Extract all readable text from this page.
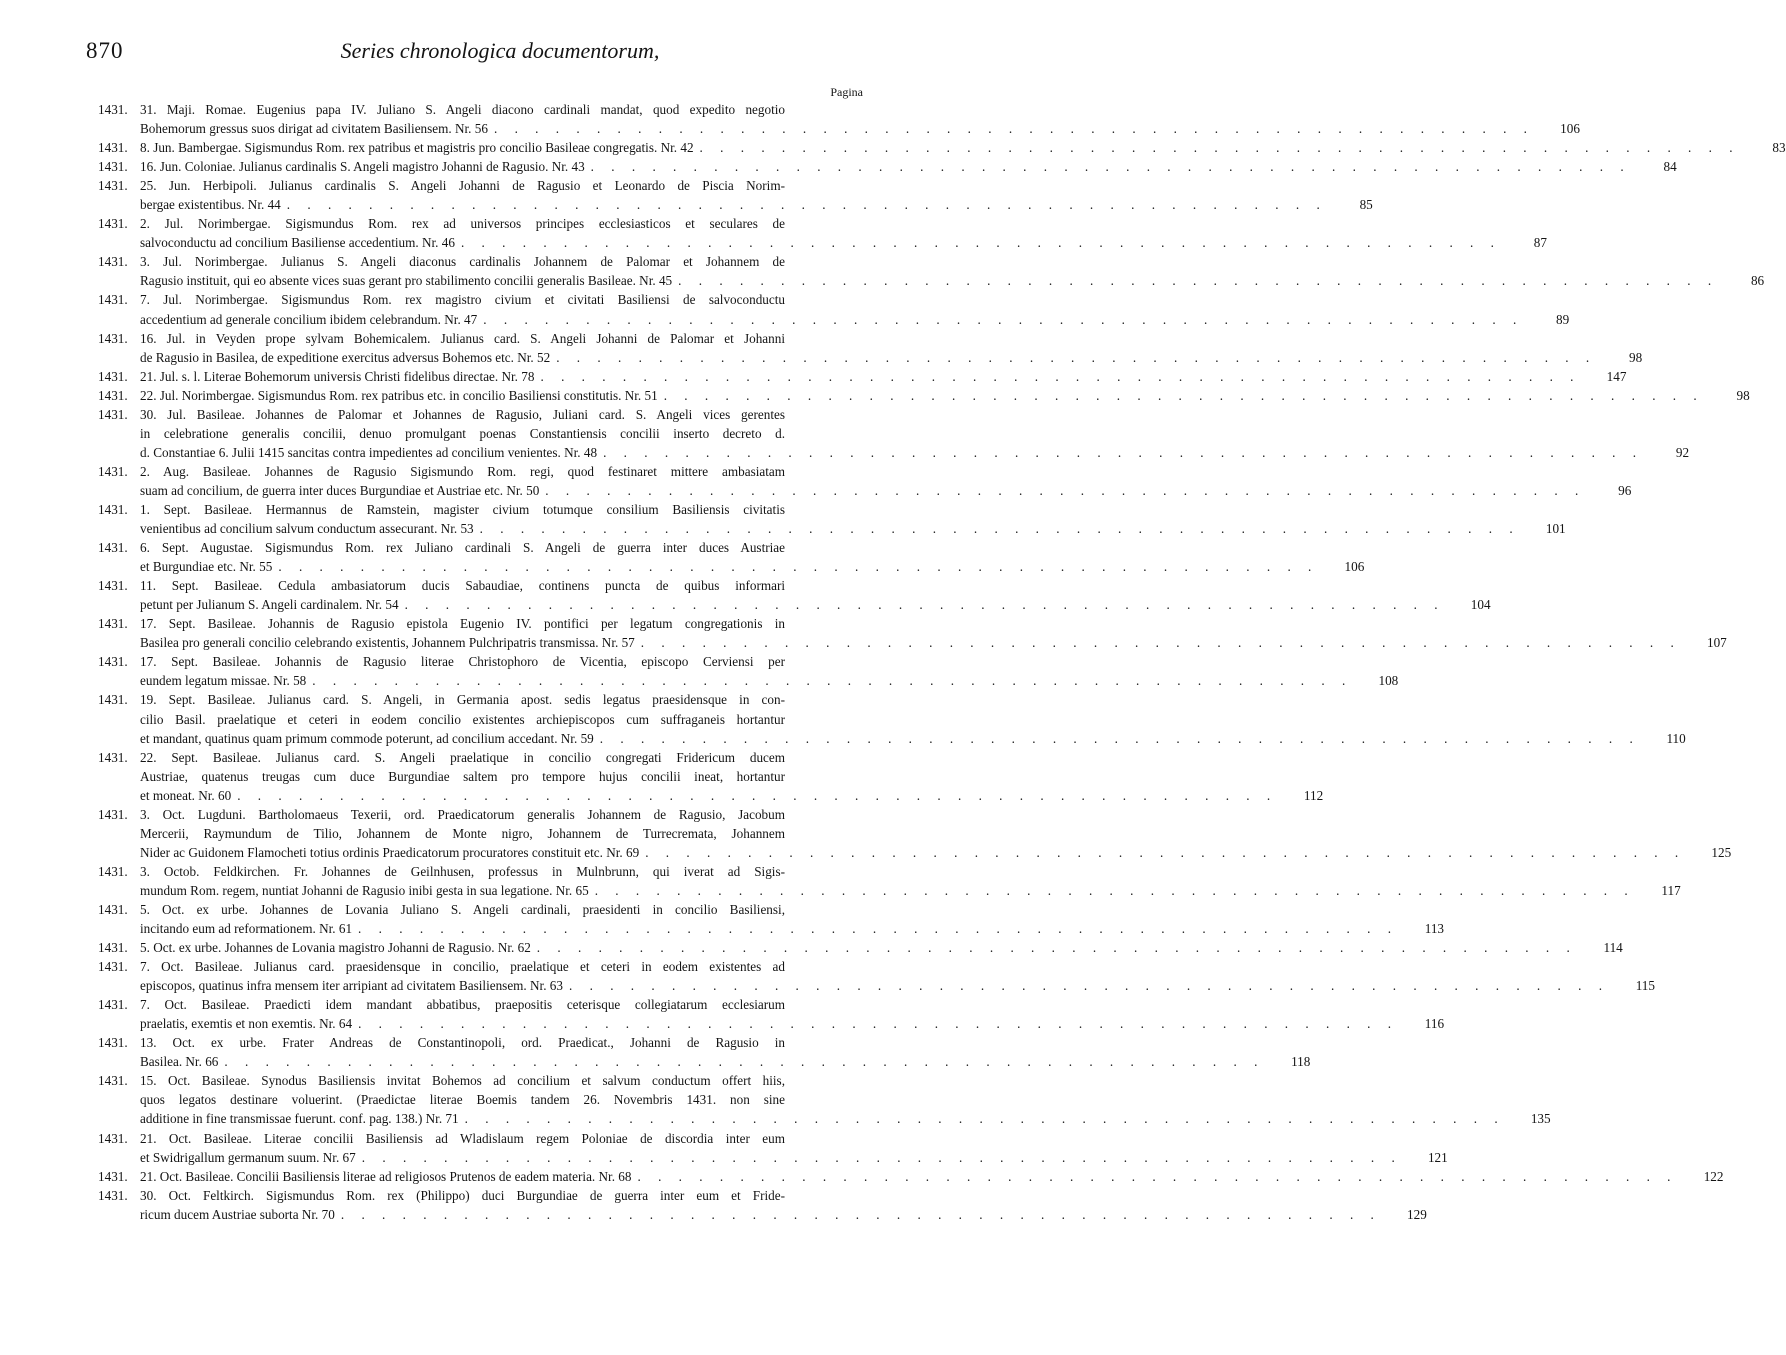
870	Series chronologica documentorum,
Pagina
1431. 31. Maji. Romae. Eugenius papa IV. Juliano S. Angeli diacono cardinali mandat, quod expedito negotio
Bohemorum gressus suos dirigat ad civitatem Basiliensem. Nr. 56 . . . . . . . . . . . . . . . . . . . . . . . . . . . . . . . . . . . . . . . . . . . . . . . . . . .	106
1431. 8. Jun. Bambergae. Sigismundus Rom. rex patribus et magistris pro concilio Basileae congregatis. Nr. 42 . . . . . . . . . . . . . . . . . . . . . . . . . . . . . . . . . . . . . . . . . . . . . . . . . . .	83
1431. 16. Jun. Coloniae. Julianus cardinalis S. Angeli magistro Johanni de Ragusio. Nr. 43 . . . . . . . . . . . . . . . . . . . . . . . . . . . . . . . . . . . . . . . . . . . . . . . . . . .	84
1431. 25. Jun. Herbipoli. Julianus cardinalis S. Angeli Johanni de Ragusio et Leonardo de Piscia Norim-
bergae existentibus. Nr. 44 . . . . . . . . . . . . . . . . . . . . . . . . . . . . . . . . . . . . . . . . . . . . . . . . . . .	85
1431. 2. Jul. Norimbergae. Sigismundus Rom. rex ad universos principes ecclesiasticos et seculares de
salvoconductu ad concilium Basiliense accedentium. Nr. 46 . . . . . . . . . . . . . . . . . . . . . . . . . . . . . . . . . . . . . . . . . . . . . . . . . . .	87
1431. 3. Jul. Norimbergae. Julianus S. Angeli diaconus cardinalis Johannem de Palomar et Johannem de
Ragusio instituit, qui eo absente vices suas gerant pro stabilimento concilii generalis Basileae. Nr. 45 . . . . . . . . . . . . . . . . . . . . . . . . . . . . . . . . . . . . . . . . . . . . . . . . . . .	86
1431. 7. Jul. Norimbergae. Sigismundus Rom. rex magistro civium et civitati Basiliensi de salvoconductu
accedentium ad generale concilium ibidem celebrandum. Nr. 47 . . . . . . . . . . . . . . . . . . . . . . . . . . . . . . . . . . . . . . . . . . . . . . . . . . .	89
1431. 16. Jul. in Veyden prope sylvam Bohemicalem. Julianus card. S. Angeli Johanni de Palomar et Johanni
de Ragusio in Basilea, de expeditione exercitus adversus Bohemos etc. Nr. 52 . . . . . . . . . . . . . . . . . . . . . . . . . . . . . . . . . . . . . . . . . . . . . . . . . . .	98
1431. 21. Jul. s. l. Literae Bohemorum universis Christi fidelibus directae. Nr. 78 . . . . . . . . . . . . . . . . . . . . . . . . . . . . . . . . . . . . . . . . . . . . . . . . . . .	147
1431. 22. Jul. Norimbergae. Sigismundus Rom. rex patribus etc. in concilio Basiliensi constitutis. Nr. 51 . . . . . . . . . . . . . . . . . . . . . . . . . . . . . . . . . . . . . . . . . . . . . . . . . . .	98
1431. 30. Jul. Basileae. Johannes de Palomar et Johannes de Ragusio, Juliani card. S. Angeli vices gerentes
in celebratione generalis concilii, denuo promulgant poenas Constantiensis concilii inserto decreto d.
d. Constantiae 6. Julii 1415 sancitas contra impedientes ad concilium venientes. Nr. 48 . . . . . . . . . . . . . . . . . . . . . . . . . . . . . . . . . . . . . . . . . . . . . . . . . . .	92
1431. 2. Aug. Basileae. Johannes de Ragusio Sigismundo Rom. regi, quod festinaret mittere ambasiatam
suam ad concilium, de guerra inter duces Burgundiae et Austriae etc. Nr. 50 . . . . . . . . . . . . . . . . . . . . . . . . . . . . . . . . . . . . . . . . . . . . . . . . . . .	96
1431. 1. Sept. Basileae. Hermannus de Ramstein, magister civium totumque consilium Basiliensis civitatis
venientibus ad concilium salvum conductum assecurant. Nr. 53 . . . . . . . . . . . . . . . . . . . . . . . . . . . . . . . . . . . . . . . . . . . . . . . . . . .	101
1431. 6. Sept. Augustae. Sigismundus Rom. rex Juliano cardinali S. Angeli de guerra inter duces Austriae
et Burgundiae etc. Nr. 55 . . . . . . . . . . . . . . . . . . . . . . . . . . . . . . . . . . . . . . . . . . . . . . . . . . .	106
1431. 11. Sept. Basileae. Cedula ambasiatorum ducis Sabaudiae, continens puncta de quibus informari
petunt per Julianum S. Angeli cardinalem. Nr. 54 . . . . . . . . . . . . . . . . . . . . . . . . . . . . . . . . . . . . . . . . . . . . . . . . . . .	104
1431. 17. Sept. Basileae. Johannis de Ragusio epistola Eugenio IV. pontifici per legatum congregationis in
Basilea pro generali concilio celebrando existentis, Johannem Pulchripatris transmissa. Nr. 57 . . . . . . . . . . . . . . . . . . . . . . . . . . . . . . . . . . . . . . . . . . . . . . . . . . .	107
1431. 17. Sept. Basileae. Johannis de Ragusio literae Christophoro de Vicentia, episcopo Cerviensi per
eundem legatum missae. Nr. 58 . . . . . . . . . . . . . . . . . . . . . . . . . . . . . . . . . . . . . . . . . . . . . . . . . . .	108
1431. 19. Sept. Basileae. Julianus card. S. Angeli, in Germania apost. sedis legatus praesidensque in con-
cilio Basil. praelatique et ceteri in eodem concilio existentes archiepiscopos cum suffraganeis hortantur
et mandant, quatinus quam primum commode poterunt, ad concilium accedant. Nr. 59 . . . . . . . . . . . . . . . . . . . . . . . . . . . . . . . . . . . . . . . . . . . . . . . . . . .	110
1431. 22. Sept. Basileae. Julianus card. S. Angeli praelatique in concilio congregati Fridericum ducem
Austriae, quatenus treugas cum duce Burgundiae saltem pro tempore hujus concilii ineat, hortantur
et moneat. Nr. 60 . . . . . . . . . . . . . . . . . . . . . . . . . . . . . . . . . . . . . . . . . . . . . . . . . . .	112
1431. 3. Oct. Lugduni. Bartholomaeus Texerii, ord. Praedicatorum generalis Johannem de Ragusio, Jacobum
Mercerii, Raymundum de Tilio, Johannem de Monte nigro, Johannem de Turrecremata, Johannem
Nider ac Guidonem Flamocheti totius ordinis Praedicatorum procuratores constituit etc. Nr. 69 . . . . . . . . . . . . . . . . . . . . . . . . . . . . . . . . . . . . . . . . . . . . . . . . . . .	125
1431. 3. Octob. Feldkirchen. Fr. Johannes de Geilnhusen, professus in Mulnbrunn, qui iverat ad Sigis-
mundum Rom. regem, nuntiat Johanni de Ragusio inibi gesta in sua legatione. Nr. 65 . . . . . . . . . . . . . . . . . . . . . . . . . . . . . . . . . . . . . . . . . . . . . . . . . . .	117
1431. 5. Oct. ex urbe. Johannes de Lovania Juliano S. Angeli cardinali, praesidenti in concilio Basiliensi,
incitando eum ad reformationem. Nr. 61 . . . . . . . . . . . . . . . . . . . . . . . . . . . . . . . . . . . . . . . . . . . . . . . . . . .	113
1431. 5. Oct. ex urbe. Johannes de Lovania magistro Johanni de Ragusio. Nr. 62 . . . . . . . . . . . . . . . . . . . . . . . . . . . . . . . . . . . . . . . . . . . . . . . . . . .	114
1431. 7. Oct. Basileae. Julianus card. praesidensque in concilio, praelatique et ceteri in eodem existentes ad
episcopos, quatinus infra mensem iter arripiant ad civitatem Basiliensem. Nr. 63 . . . . . . . . . . . . . . . . . . . . . . . . . . . . . . . . . . . . . . . . . . . . . . . . . . .	115
1431. 7. Oct. Basileae. Praedicti idem mandant abbatibus, praepositis ceterisque collegiatarum ecclesiarum
praelatis, exemtis et non exemtis. Nr. 64 . . . . . . . . . . . . . . . . . . . . . . . . . . . . . . . . . . . . . . . . . . . . . . . . . . .	116
1431. 13. Oct. ex urbe. Frater Andreas de Constantinopoli, ord. Praedicat., Johanni de Ragusio in
Basilea. Nr. 66 . . . . . . . . . . . . . . . . . . . . . . . . . . . . . . . . . . . . . . . . . . . . . . . . . . .	118
1431. 15. Oct. Basileae. Synodus Basiliensis invitat Bohemos ad concilium et salvum conductum offert hiis,
quos legatos destinare voluerint. (Praedictae literae Boemis tandem 26. Novembris 1431. non sine
additione in fine transmissae fuerunt. conf. pag. 138.) Nr. 71 . . . . . . . . . . . . . . . . . . . . . . . . . . . . . . . . . . . . . . . . . . . . . . . . . . .	135
1431. 21. Oct. Basileae. Literae concilii Basiliensis ad Wladislaum regem Poloniae de discordia inter eum
et Swidrigallum germanum suum. Nr. 67 . . . . . . . . . . . . . . . . . . . . . . . . . . . . . . . . . . . . . . . . . . . . . . . . . . .	121
1431. 21. Oct. Basileae. Concilii Basiliensis literae ad religiosos Prutenos de eadem materia. Nr. 68 . . . . . . . . . . . . . . . . . . . . . . . . . . . . . . . . . . . . . . . . . . . . . . . . . . .	122
1431. 30. Oct. Feltkirch. Sigismundus Rom. rex (Philippo) duci Burgundiae de guerra inter eum et Fride-
ricum ducem Austriae suborta Nr. 70 . . . . . . . . . . . . . . . . . . . . . . . . . . . . . . . . . . . . . . . . . . . . . . . . . . .	129
